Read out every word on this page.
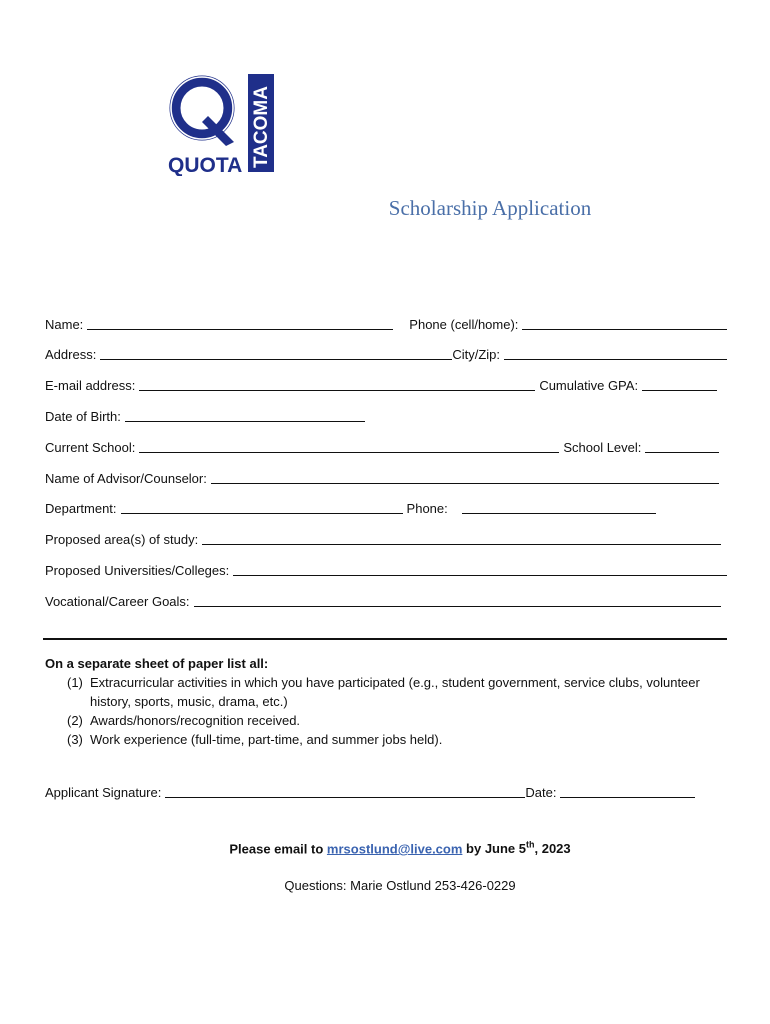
TACOMA
QUOTA
Scholarship Application
Name:	Phone (cell/home):
Address:	City/Zip:
E-mail address:	Cumulative GPA:
Date of Birth:
Current School:	School Level:
Name of Advisor/Counselor:
Department:	Phone:
Proposed area(s) of study:
Proposed Universities/Colleges:
Vocational/Career Goals:
On a separate sheet of paper list all:
(1) Extracurricular activities in which you have participated (e.g., student government, service clubs, volunteer history, sports, music, drama, etc.)
(2) Awards/honors/recognition received.
(3) Work experience (full-time, part-time, and summer jobs held).
Applicant Signature:	Date:
Please email to mrsostlund@live.com by June 5th, 2023
Questions: Marie Ostlund 253-426-0229
